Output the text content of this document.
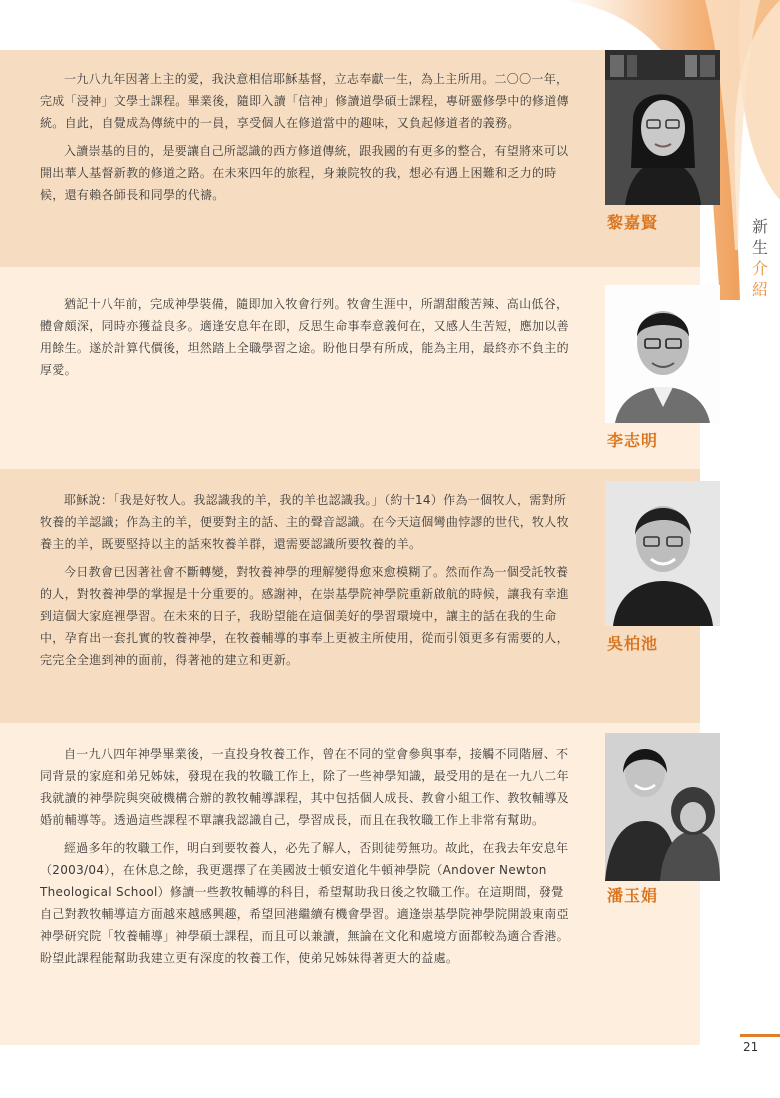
一九八九年因著上主的愛，我決意相信耶穌基督，立志奉獻一生，為上主所用。二〇〇一年，完成「浸神」文學士課程。畢業後，隨即入讀「信神」修讀道學碩士課程，專研靈修學中的修道傳統。自此，自覺成為傳統中的一員，享受個人在修道當中的趣味，又負起修道者的義務。

入讀崇基的目的，是要讓自己所認識的西方修道傳統，跟我國的有更多的整合，有望將來可以開出華人基督新教的修道之路。在未來四年的旅程，身兼院牧的我，想必有遇上困難和乏力的時候，還有賴各師長和同學的代禱。

黎嘉賢

猶記十八年前，完成神學裝備，隨即加入牧會行列。牧會生涯中，所謂甜酸苦辣、高山低谷，體會頗深，同時亦獲益良多。適逢安息年在即，反思生命事奉意義何在，又感人生苦短，應加以善用餘生。遂於計算代價後，坦然踏上全職學習之途。盼他日學有所成，能為主用，最終亦不負主的厚愛。

李志明

耶穌說：「我是好牧人。我認識我的羊，我的羊也認識我。」（約十14）作為一個牧人，需對所牧養的羊認識；作為主的羊，便要對主的話、主的聲音認識。在今天這個彎曲悖謬的世代，牧人牧養主的羊，既要堅持以主的話來牧養羊群，還需要認識所要牧養的羊。

今日教會已因著社會不斷轉變，對牧養神學的理解變得愈來愈模糊了。然而作為一個受託牧養的人，對牧養神學的掌握是十分重要的。感謝神，在崇基學院神學院重新啟航的時候，讓我有幸進到這個大家庭裡學習。在未來的日子，我盼望能在這個美好的學習環境中，讓主的話在我的生命中，孕育出一套扎實的牧養神學，在牧養輔導的事奉上更被主所使用，從而引領更多有需要的人，完完全全進到神的面前，得著祂的建立和更新。

吳柏池

自一九八四年神學畢業後，一直投身牧養工作，曾在不同的堂會參與事奉，接觸不同階層、不同背景的家庭和弟兄姊妹，發現在我的牧職工作上，除了一些神學知識，最受用的是在一九八二年我就讀的神學院與突破機構合辦的教牧輔導課程，其中包括個人成長、教會小組工作、教牧輔導及婚前輔導等。透過這些課程不單讓我認識自己，學習成長，而且在我牧職工作上非常有幫助。

經過多年的牧職工作，明白到要牧養人，必先了解人，否則徒勞無功。故此，在我去年安息年（2003/04），在休息之餘，我更選擇了在美國波士頓安道化牛頓神學院（Andover Newton Theological School）修讀一些教牧輔導的科目，希望幫助我日後之牧職工作。在這期間，發覺自己對教牧輔導這方面越來越感興趣，希望回港繼續有機會學習。適逢崇基學院神學院開設東南亞神學研究院「牧養輔導」神學碩士課程，而且可以兼讀，無論在文化和處境方面都較為適合香港。盼望此課程能幫助我建立更有深度的牧養工作，使弟兄姊妹得著更大的益處。

潘玉娟
新
生
介
紹
21
